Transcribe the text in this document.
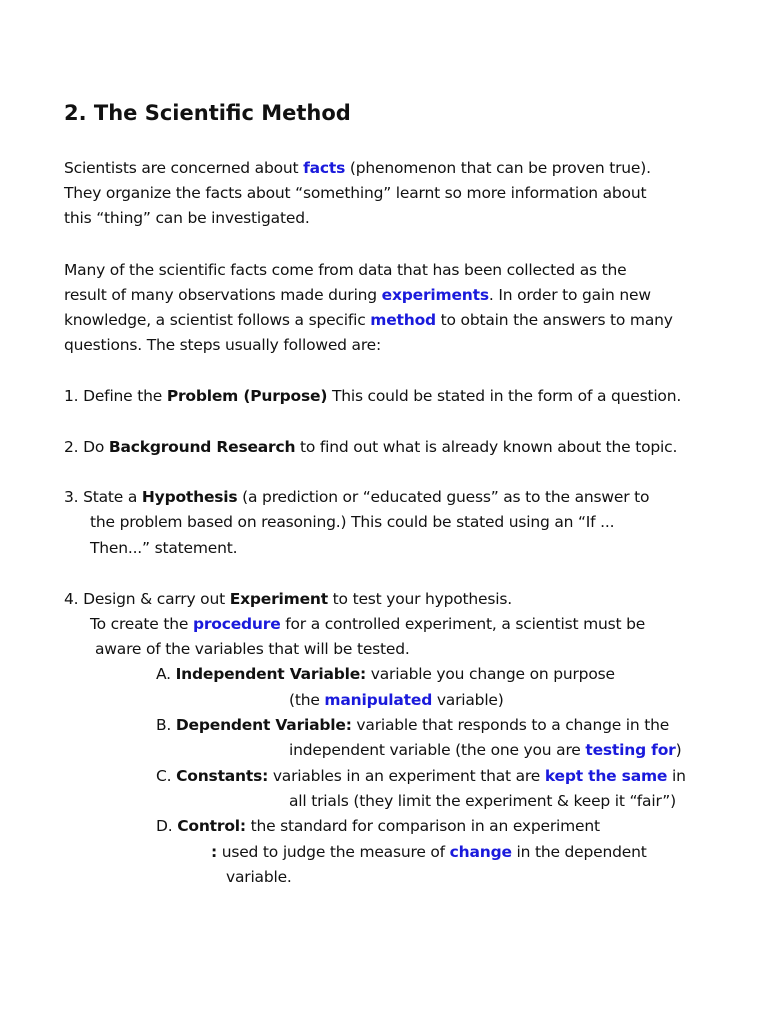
2. The Scientific Method
Scientists are concerned about facts (phenomenon that can be proven true).
They organize the facts about “something” learnt so more information about
this “thing” can be investigated.
Many of the scientific facts come from data that has been collected as the
result of many observations made during experiments. In order to gain new
knowledge, a scientist follows a specific method to obtain the answers to many
questions. The steps usually followed are:
1. Define the Problem (Purpose) This could be stated in the form of a question.
2. Do Background Research to find out what is already known about the topic.
3. State a Hypothesis (a prediction or “educated guess” as to the answer to
the problem based on reasoning.) This could be stated using an “If ...
Then...” statement.
4. Design & carry out Experiment to test your hypothesis.
To create the procedure for a controlled experiment, a scientist must be
aware of the variables that will be tested.
A. Independent Variable: variable you change on purpose
(the manipulated variable)
B. Dependent Variable: variable that responds to a change in the
independent variable (the one you are testing for)
C. Constants: variables in an experiment that are kept the same in
all trials (they limit the experiment & keep it “fair”)
D. Control: the standard for comparison in an experiment
: used to judge the measure of change in the dependent
variable.
